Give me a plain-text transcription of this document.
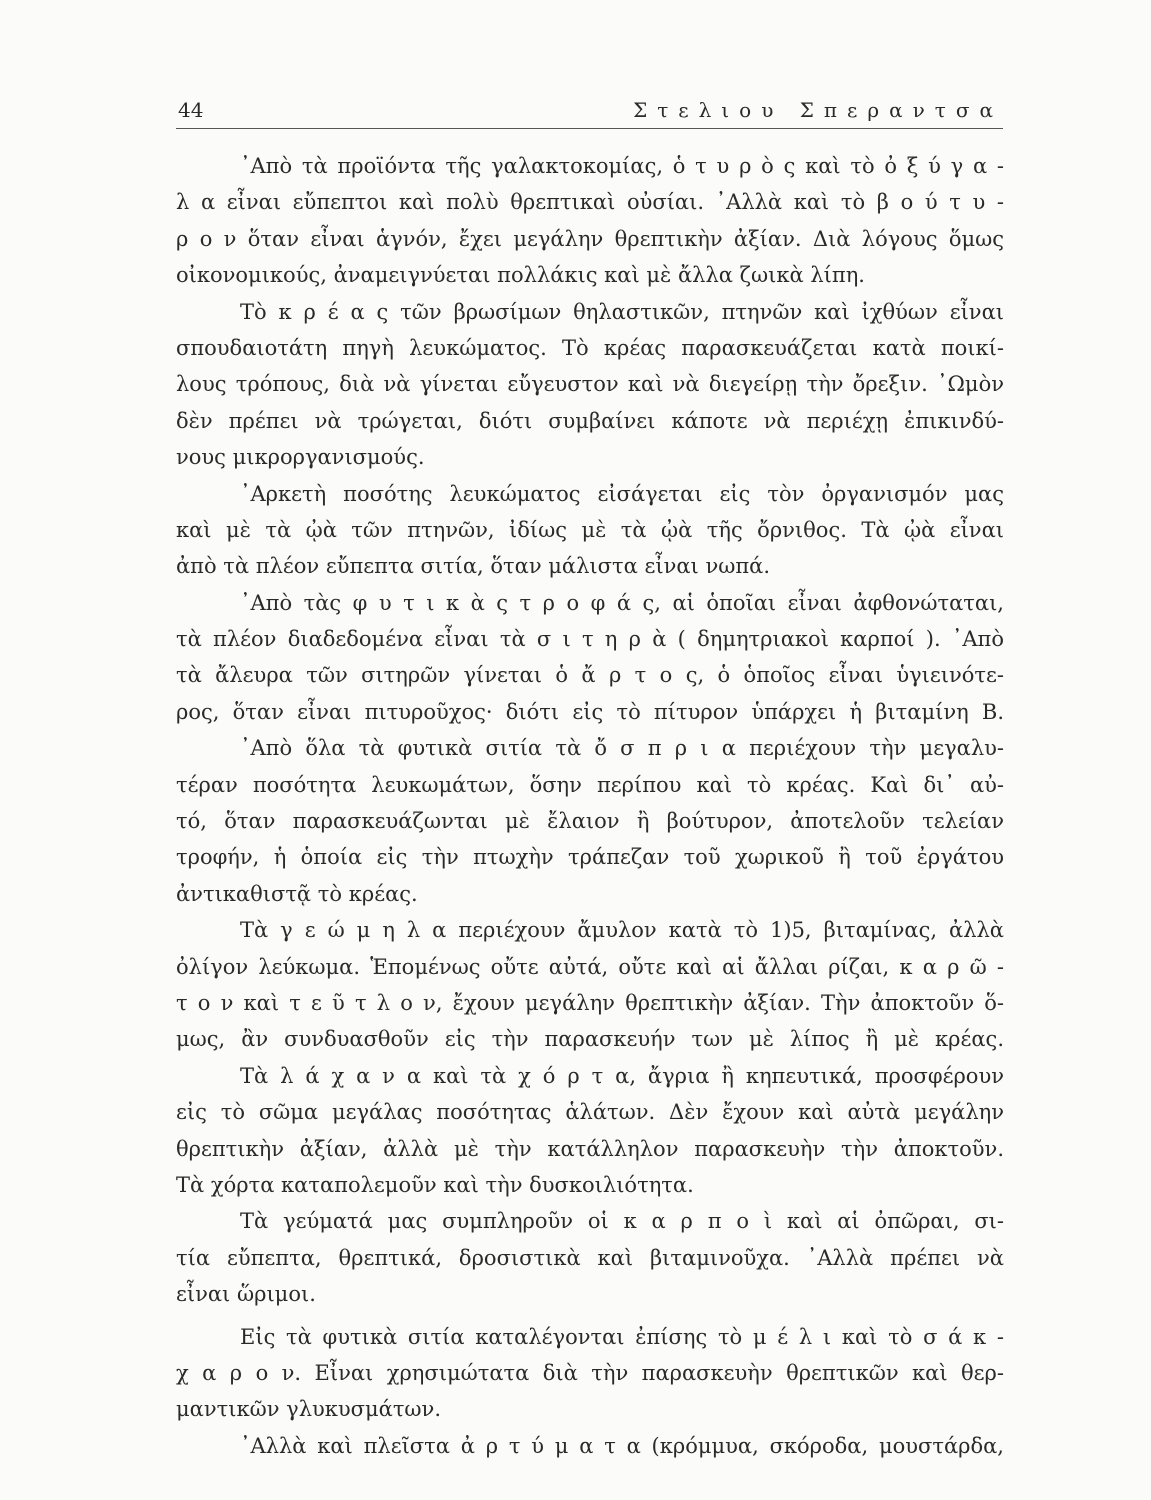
44	Στελιου Σπεραντσα
᾿Απὸ τὰ προϊόντα τῆς γαλακτοκομίας, ὁ τ υ ρ ὸ ς καὶ τὸ ὀ ξ ύ γ α -
λ α εἶναι εὔπεπτοι καὶ πολὺ θρεπτικαὶ οὐσίαι. ᾿Αλλὰ καὶ τὸ β ο ύ τ υ -
ρ ο ν ὅταν εἶναι ἁγνόν, ἔχει μεγάλην θρεπτικὴν ἀξίαν. Διὰ λόγους ὅμως
οἰκονομικούς, ἀναμειγνύεται πολλάκις καὶ μὲ ἄλλα ζωικὰ λίπη.
Τὸ κ ρ έ α ς τῶν βρωσίμων θηλαστικῶν, πτηνῶν καὶ ἰχθύων εἶναι
σπουδαιοτάτη πηγὴ λευκώματος. Τὸ κρέας παρασκευάζεται κατὰ ποικί-
λους τρόπους, διὰ νὰ γίνεται εὔγευστον καὶ νὰ διεγείρῃ τὴν ὄρεξιν. ᾿Ωμὸν
δὲν πρέπει νὰ τρώγεται, διότι συμβαίνει κάποτε νὰ περιέχῃ ἐπικινδύ-
νους μικροργανισμούς.
᾿Αρκετὴ ποσότης λευκώματος εἰσάγεται εἰς τὸν ὀργανισμόν μας
καὶ μὲ τὰ ᾠὰ τῶν πτηνῶν, ἰδίως μὲ τὰ ᾠὰ τῆς ὄρνιθος. Τὰ ᾠὰ εἶναι
ἀπὸ τὰ πλέον εὔπεπτα σιτία, ὅταν μάλιστα εἶναι νωπά.
᾿Απὸ τὰς φ υ τ ι κ ὰ ς τ ρ ο φ ά ς, αἱ ὁποῖαι εἶναι ἀφθονώταται,
τὰ πλέον διαδεδομένα εἶναι τὰ σ ι τ η ρ ὰ ( δημητριακοὶ καρποί ). ᾿Απὸ
τὰ ἄλευρα τῶν σιτηρῶν γίνεται ὁ ἄ ρ τ ο ς, ὁ ὁποῖος εἶναι ὑγιεινότε-
ρος, ὅταν εἶναι πιτυροῦχος· διότι εἰς τὸ πίτυρον ὑπάρχει ἡ βιταμίνη Β.
᾿Απὸ ὅλα τὰ φυτικὰ σιτία τὰ ὄ σ π ρ ι α περιέχουν τὴν μεγαλυ-
τέραν ποσότητα λευκωμάτων, ὅσην περίπου καὶ τὸ κρέας. Καὶ δι᾿ αὐ-
τό, ὅταν παρασκευάζωνται μὲ ἔλαιον ἢ βούτυρον, ἀποτελοῦν τελείαν
τροφήν, ἡ ὁποία εἰς τὴν πτωχὴν τράπεζαν τοῦ χωρικοῦ ἢ τοῦ ἐργάτου
ἀντικαθιστᾷ τὸ κρέας.
Τὰ γ ε ώ μ η λ α περιέχουν ἄμυλον κατὰ τὸ 1)5, βιταμίνας, ἀλλὰ
ὀλίγον λεύκωμα. Ἑπομένως οὔτε αὐτά, οὔτε καὶ αἱ ἄλλαι ρίζαι, κ α ρ ῶ -
τ ο ν καὶ τ ε ῦ τ λ ο ν, ἔχουν μεγάλην θρεπτικὴν ἀξίαν. Τὴν ἀποκτοῦν ὅ-
μως, ἂν συνδυασθοῦν εἰς τὴν παρασκευήν των μὲ λίπος ἢ μὲ κρέας.
Τὰ λ ά χ α ν α καὶ τὰ χ ό ρ τ α, ἄγρια ἢ κηπευτικά, προσφέρουν
εἰς τὸ σῶμα μεγάλας ποσότητας ἁλάτων. Δὲν ἔχουν καὶ αὐτὰ μεγάλην
θρεπτικὴν ἀξίαν, ἀλλὰ μὲ τὴν κατάλληλον παρασκευὴν τὴν ἀποκτοῦν.
Τὰ χόρτα καταπολεμοῦν καὶ τὴν δυσκοιλιότητα.
Τὰ γεύματά μας συμπληροῦν οἱ κ α ρ π ο ὶ καὶ αἱ ὀπῶραι, σι-
τία εὔπεπτα, θρεπτικά, δροσιστικὰ καὶ βιταμινοῦχα. ᾿Αλλὰ πρέπει νὰ
εἶναι ὥριμοι.
Εἰς τὰ φυτικὰ σιτία καταλέγονται ἐπίσης τὸ μ έ λ ι καὶ τὸ σ ά κ -
χ α ρ ο ν. Εἶναι χρησιμώτατα διὰ τὴν παρασκευὴν θρεπτικῶν καὶ θερ-
μαντικῶν γλυκυσμάτων.
᾿Αλλὰ καὶ πλεῖστα ἀ ρ τ ύ μ α τ α (κρόμμυα, σκόροδα, μουστάρδα,
